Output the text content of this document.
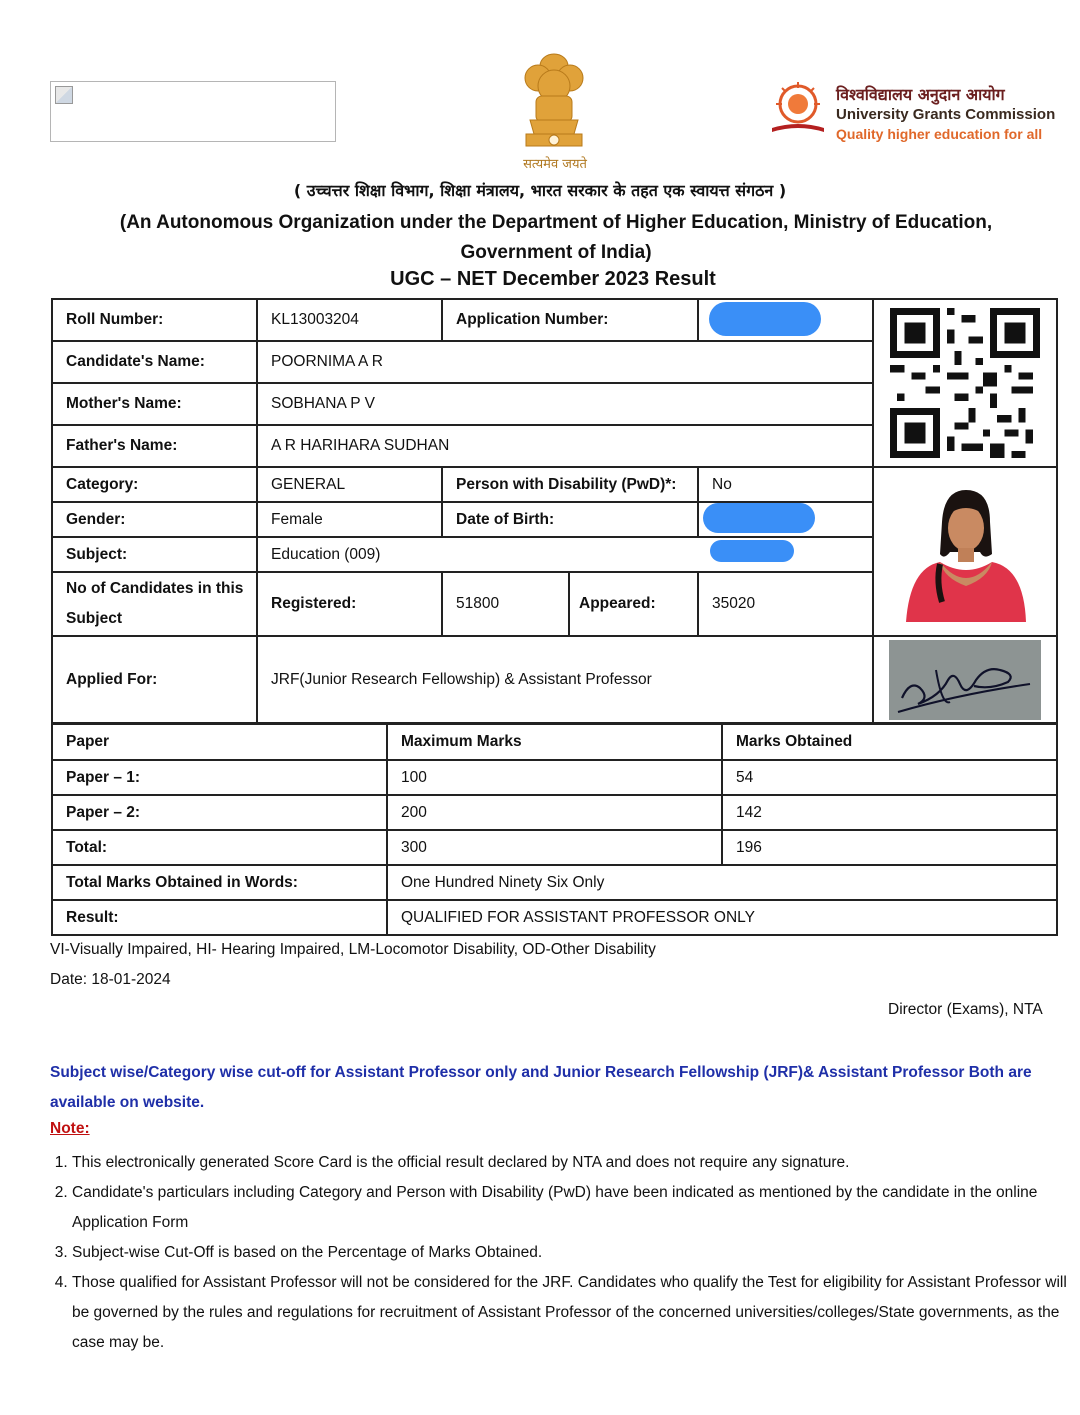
सत्यमेव जयते
विश्वविद्यालय अनुदान आयोग
University Grants Commission
Quality higher education for all
( उच्चत्तर शिक्षा विभाग, शिक्षा मंत्रालय, भारत सरकार के तहत एक स्वायत्त संगठन )
(An Autonomous Organization under the Department of Higher Education, Ministry of Education, Government of India)
UGC – NET December 2023 Result
Roll Number:	KL13003204	Application Number:	

Candidate's Name:	POORNIMA A R				
Mother's Name:	SOBHANA P V				
Father's Name:	A R HARIHARA SUDHAN				
Category:	GENERAL	Person with Disability (PwD)*:		No	

Gender:	Female	Date of Birth:			

Subject:	Education (009)				

No of Candidates in this Subject	Registered:	51800	Appeared:	35020	
Applied For:	JRF(Junior Research Fellowship) & Assistant Professor	
Paper	Maximum Marks	Marks Obtained
Paper – 1:	100	54
Paper – 2:	200	142
Total:	300	196
Total Marks Obtained in Words:	One Hundred Ninety Six Only	
Result:	QUALIFIED FOR ASSISTANT PROFESSOR ONLY	
VI-Visually Impaired, HI- Hearing Impaired, LM-Locomotor Disability, OD-Other Disability
Date: 18-01-2024
Director (Exams), NTA
Subject wise/Category wise cut-off for Assistant Professor only and Junior Research Fellowship (JRF)& Assistant Professor Both are available on website.
Note:
1. This electronically generated Score Card is the official result declared by NTA and does not require any signature.
2. Candidate's particulars including Category and Person with Disability (PwD) have been indicated as mentioned by the candidate in the online Application Form
3. Subject-wise Cut-Off is based on the Percentage of Marks Obtained.
4. Those qualified for Assistant Professor will not be considered for the JRF. Candidates who qualify the Test for eligibility for Assistant Professor will be governed by the rules and regulations for recruitment of Assistant Professor of the concerned universities/colleges/State governments, as the case may be.
